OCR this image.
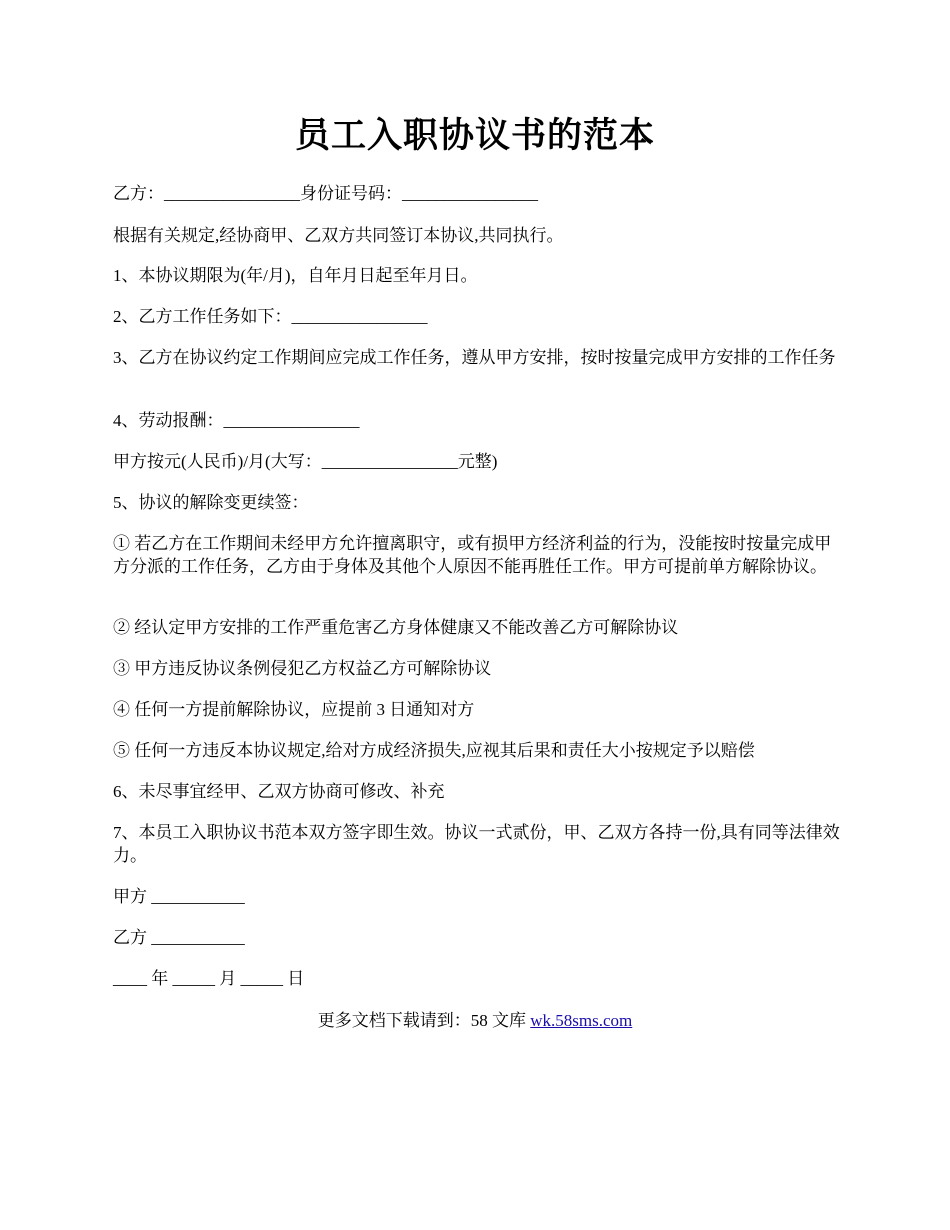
员工入职协议书的范本
乙方：________________身份证号码：________________
根据有关规定,经协商甲、乙双方共同签订本协议,共同执行。
1、本协议期限为(年/月)，自年月日起至年月日。
2、乙方工作任务如下：________________
3、乙方在协议约定工作期间应完成工作任务，遵从甲方安排，按时按量完成甲方安排的工作任务
4、劳动报酬：________________
甲方按元(人民币)/月(大写：________________元整)
5、协议的解除变更续签：
① 若乙方在工作期间未经甲方允许擅离职守，或有损甲方经济利益的行为，没能按时按量完成甲方分派的工作任务，乙方由于身体及其他个人原因不能再胜任工作。甲方可提前单方解除协议。
② 经认定甲方安排的工作严重危害乙方身体健康又不能改善乙方可解除协议
③ 甲方违反协议条例侵犯乙方权益乙方可解除协议
④ 任何一方提前解除协议，应提前 3 日通知对方
⑤ 任何一方违反本协议规定,给对方成经济损失,应视其后果和责任大小按规定予以赔偿
6、未尽事宜经甲、乙双方协商可修改、补充
7、本员工入职协议书范本双方签字即生效。协议一式贰份，甲、乙双方各持一份,具有同等法律效力。
甲方 ___________
乙方 ___________
____ 年 _____ 月 _____ 日
更多文档下载请到：58 文库 wk.58sms.com
